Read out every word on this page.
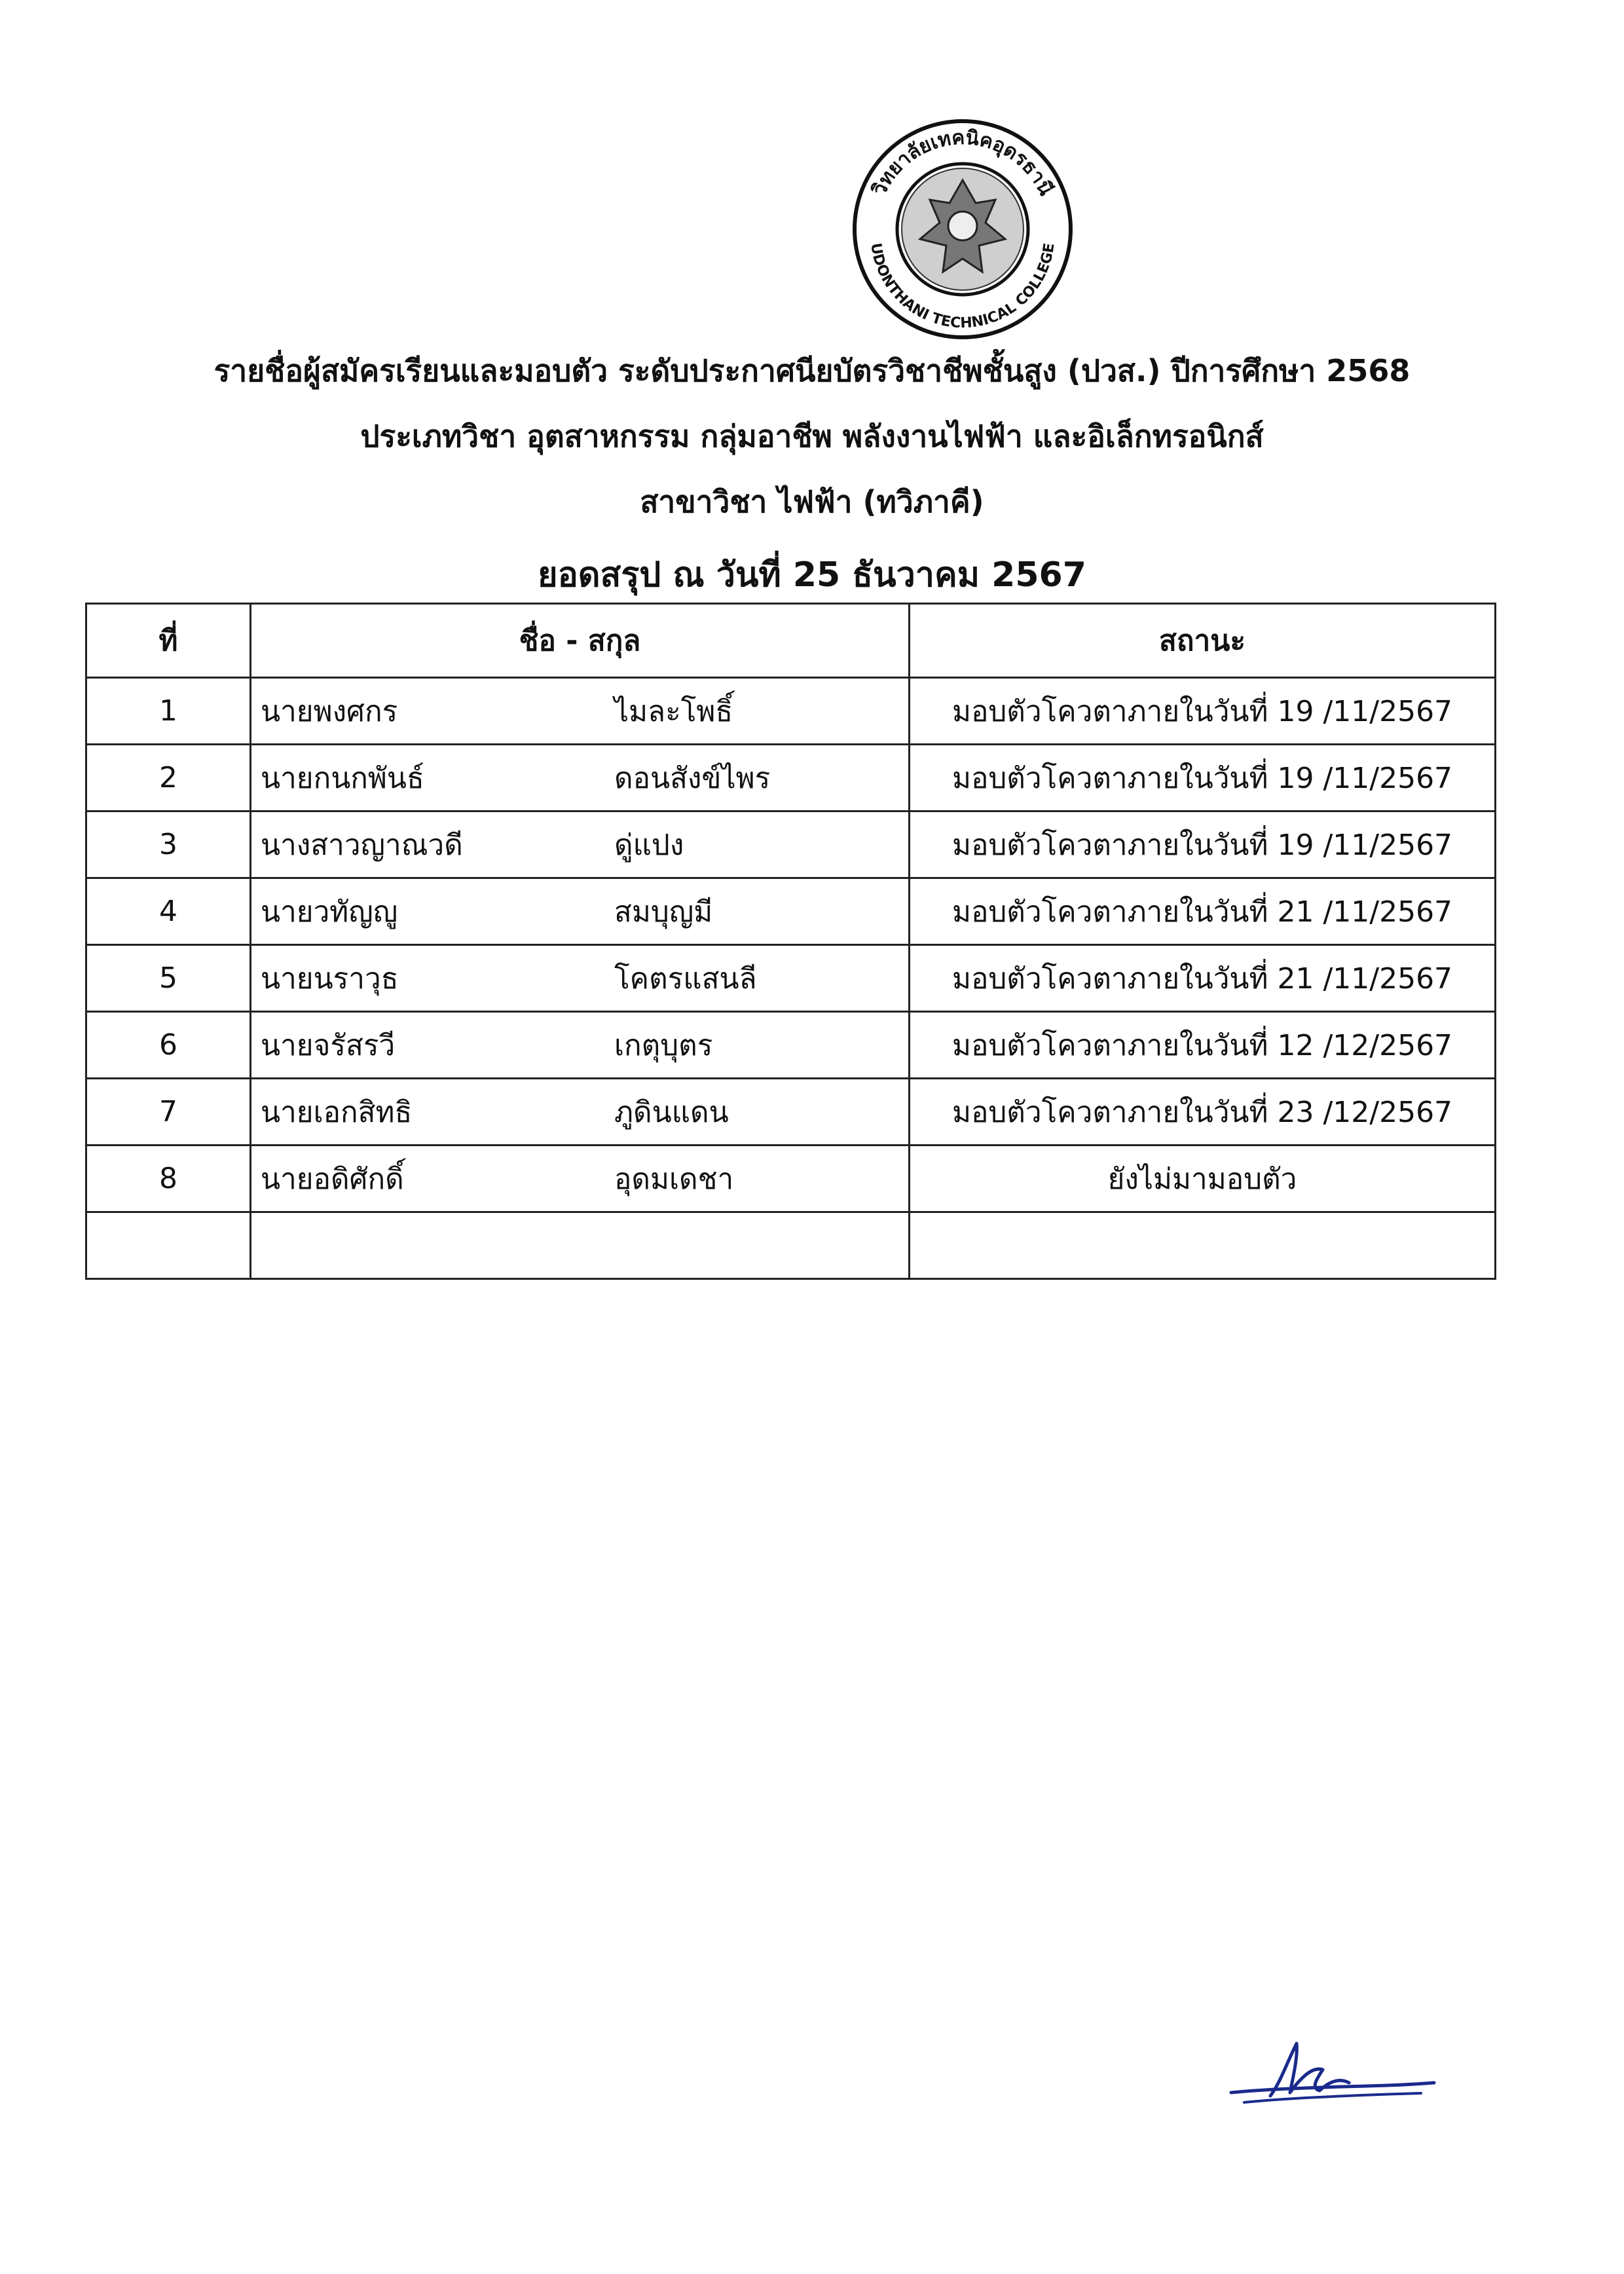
วิทยาลัยเทคนิคอุดรธานี
UDONTHANI TECHNICAL COLLEGE
รายชื่อผู้สมัครเรียนและมอบตัว ระดับประกาศนียบัตรวิชาชีพชั้นสูง (ปวส.) ปีการศึกษา 2568
ประเภทวิชา อุตสาหกรรม กลุ่มอาชีพ พลังงานไฟฟ้า และอิเล็กทรอนิกส์
สาขาวิชา ไฟฟ้า (ทวิภาคี)
ยอดสรุป ณ วันที่ 25 ธันวาคม 2567
ที่	ชื่อ - สกุล	สถานะ
1	นายพงศกร ไมละโพธิ์	มอบตัวโควตาภายในวันที่ 19 /11/2567
2	นายกนกพันธ์ ดอนสังข์ไพร	มอบตัวโควตาภายในวันที่ 19 /11/2567
3	นางสาวญาณวดี ดู่แปง	มอบตัวโควตาภายในวันที่ 19 /11/2567
4	นายวทัญญู สมบุญมี	มอบตัวโควตาภายในวันที่ 21 /11/2567
5	นายนราวุธ โคตรแสนลี	มอบตัวโควตาภายในวันที่ 21 /11/2567
6	นายจรัสรวี เกตุบุตร	มอบตัวโควตาภายในวันที่ 12 /12/2567
7	นายเอกสิทธิ ภูดินแดน	มอบตัวโควตาภายในวันที่ 23 /12/2567
8	นายอดิศักดิ์ อุดมเดชา	ยังไม่มามอบตัว
